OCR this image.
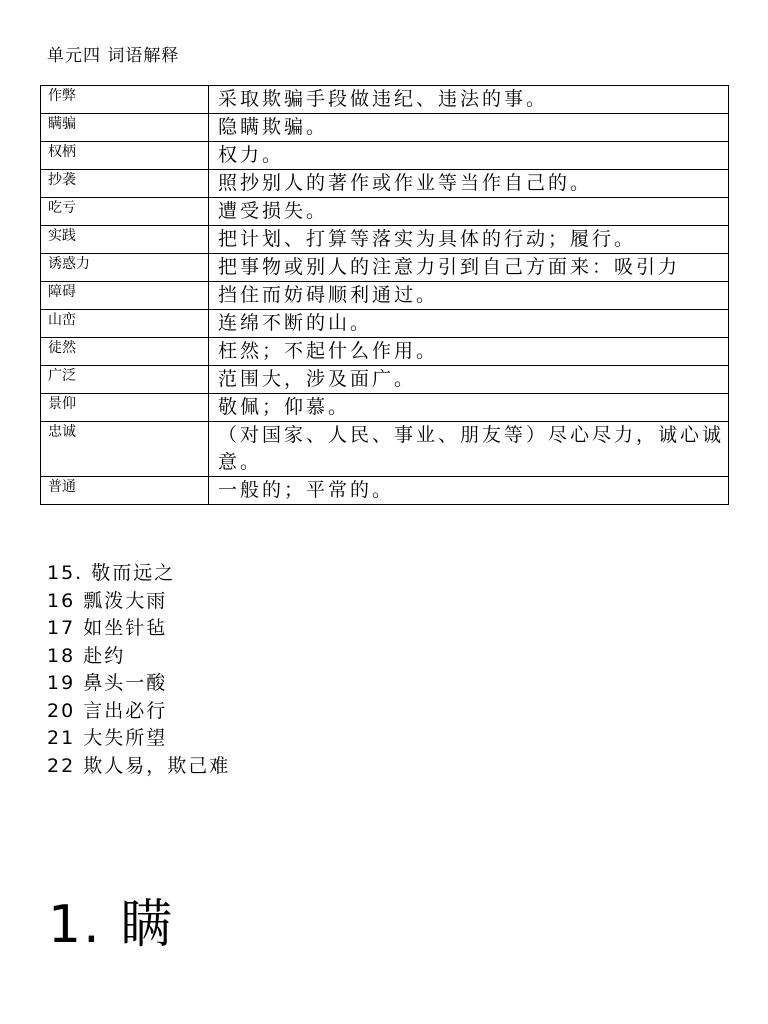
单元四 词语解释
作弊	采取欺骗手段做违纪、违法的事。
瞒骗	隐瞒欺骗。
权柄	权力。
抄袭	照抄别人的著作或作业等当作自己的。
吃亏	遭受损失。
实践	把计划、打算等落实为具体的行动；履行。
诱惑力	把事物或别人的注意力引到自己方面来：吸引力
障碍	挡住而妨碍顺利通过。
山峦	连绵不断的山。
徒然	枉然；不起什么作用。
广泛	范围大，涉及面广。
景仰	敬佩；仰慕。
忠诚	（对国家、人民、事业、朋友等）尽心尽力，诚心诚意。
普通	一般的；平常的。
15. 敬而远之
16 瓢泼大雨
17 如坐针毡
18 赴约
19 鼻头一酸
20 言出必行
21 大失所望
22 欺人易，欺己难
1. 瞒
